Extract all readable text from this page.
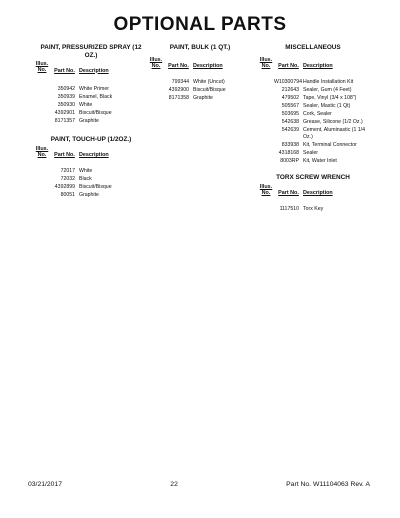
OPTIONAL PARTS
PAINT, PRESSURIZED SPRAY (12 OZ.)
Illus.
No.	Part No. Description
350942 White Primer
350939 Enamel, Black
350930 White
4392901 Biscuit/Bisque
8171357 Graphite
PAINT, TOUCH-UP (1/2OZ.)
Illus.
No.	Part No. Description
72017 White
72032 Black
4392899 Biscuit/Bisque
80051 Graphite
PAINT, BULK (1 QT.)
Illus.
No.	Part No. Description
799344 White (Uncut)
4392900 Biscuit/Bisque
8171358 Graphite
MISCELLANEOUS
Illus.
No.	Part No. Description
W10300794 Handle Installation Kit
212643 Sealer, Gum (4 Feet)
479502 Tape, Vinyl (3/4 x 108")
505567 Sealer, Mastic (1 Qt)
503695 Cork, Sealer
542638 Grease, Silicone (1/2 Oz.)
542639 Cement, Aluminastic (1 1/4 Oz.)
833938 Kit, Terminal Connector
4318168 Sealer
8003RP Kit, Water Inlet
TORX SCREW WRENCH
Illus.
No.	Part No. Description
1117510 Torx Key
03/21/2017	22	Part No. W11104063 Rev. A
